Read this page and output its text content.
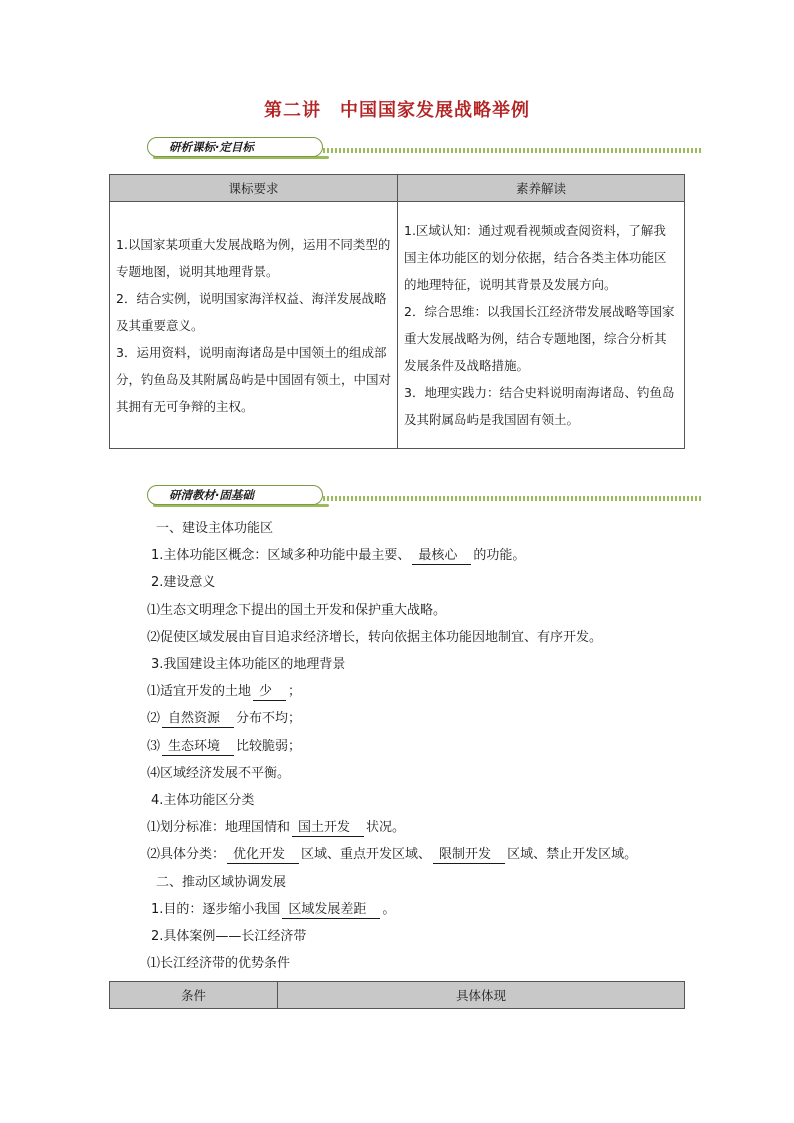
第二讲　中国国家发展战略举例
研析课标·定目标
课标要求	素养解读

1.以国家某项重大发展战略为例，运用不同类型的专题地图，说明其地理背景。
2．结合实例，说明国家海洋权益、海洋发展战略及其重要意义。
3．运用资料，说明南海诸岛是中国领土的组成部分，钓鱼岛及其附属岛屿是中国固有领土，中国对其拥有无可争辩的主权。	1.区域认知：通过观看视频或查阅资料，了解我国主体功能区的划分依据，结合各类主体功能区的地理特征，说明其背景及发展方向。
2．综合思维：以我国长江经济带发展战略等国家重大发展战略为例，结合专题地图，综合分析其发展条件及战略措施。
3．地理实践力：结合史料说明南海诸岛、钓鱼岛及其附属岛屿是我国固有领土。
研清教材·固基础
一、建设主体功能区
1.主体功能区概念：区域多种功能中最主要、 最核心 的功能。
2.建设意义
⑴生态文明理念下提出的国土开发和保护重大战略。
⑵促使区域发展由盲目追求经济增长，转向依据主体功能因地制宜、有序开发。
3.我国建设主体功能区的地理背景
⑴适宜开发的土地 少 ；
⑵ 自然资源 分布不均；
⑶ 生态环境 比较脆弱；
⑷区域经济发展不平衡。
4.主体功能区分类
⑴划分标准：地理国情和 国土开发 状况。
⑵具体分类： 优化开发 区域、重点开发区域、 限制开发 区域、禁止开发区域。
二、推动区域协调发展
1.目的：逐步缩小我国 区域发展差距 。
2.具体案例——长江经济带
⑴长江经济带的优势条件
条件	具体体现
